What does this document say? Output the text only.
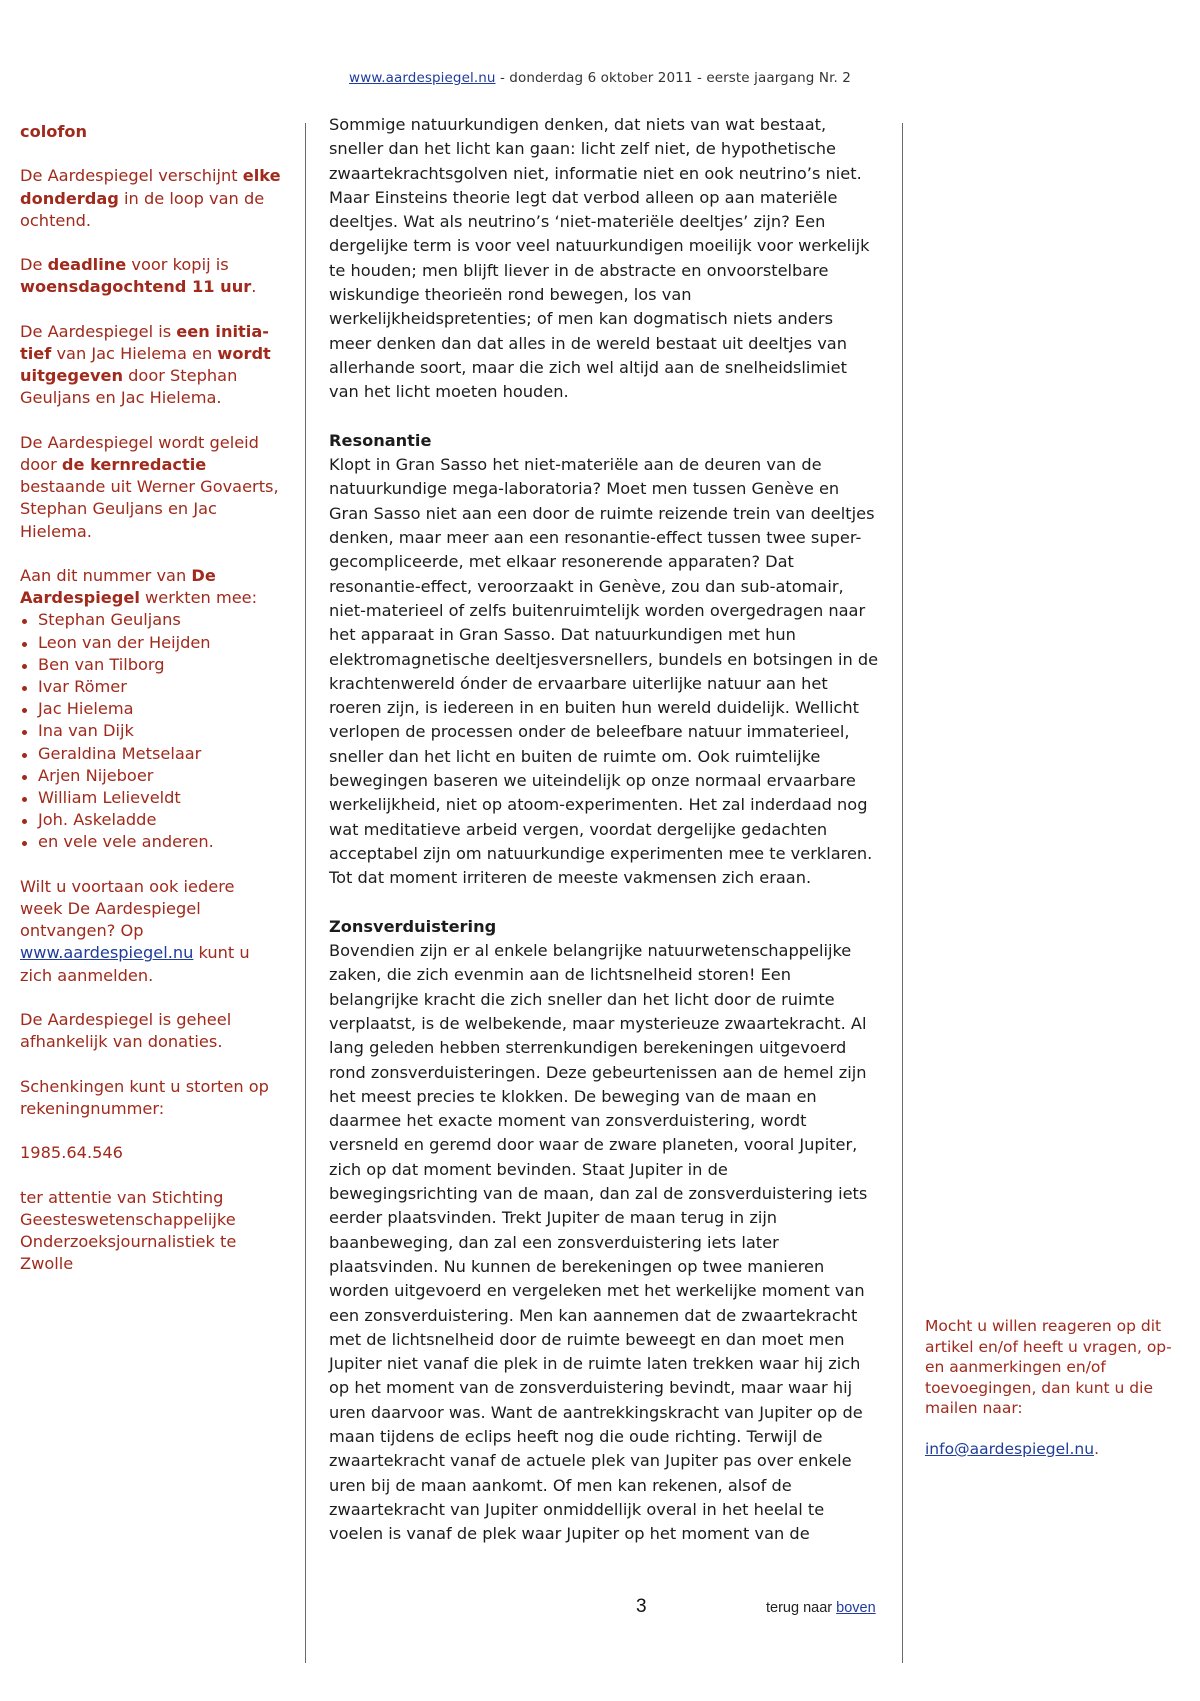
www.aardespiegel.nu - donderdag 6 oktober 2011 - eerste jaargang Nr. 2

colofon

De Aardespiegel verschijnt elke donderdag in de loop van de ochtend.

De deadline voor kopij is woensdagochtend 11 uur.

De Aardespiegel is een initia-tief van Jac Hielema en wordt uitgegeven door Stephan Geuljans en Jac Hielema.

De Aardespiegel wordt geleid door de kernredactie bestaande uit Werner Govaerts, Stephan Geuljans en Jac Hielema.

Aan dit nummer van De Aardespiegel werkten mee:

Stephan Geuljans
Leon van der Heijden
Ben van Tilborg
Ivar Römer
Jac Hielema
Ina van Dijk
Geraldina Metselaar
Arjen Nijeboer
William Lelieveldt
Joh. Askeladde
en vele vele anderen.

Wilt u voortaan ook iedere week De Aardespiegel ontvangen? Op www.aardespiegel.nu kunt u zich aanmelden.

De Aardespiegel is geheel afhankelijk van donaties.

Schenkingen kunt u storten op rekeningnummer:

1985.64.546

ter attentie van Stichting Geesteswetenschappelijke Onderzoeksjournalistiek te Zwolle

Sommige natuurkundigen denken, dat niets van wat bestaat, sneller dan het licht kan gaan: licht zelf niet, de hypothetische zwaartekrachtsgolven niet, informatie niet en ook neutrino’s niet. Maar Einsteins theorie legt dat verbod alleen op aan materiële deeltjes. Wat als neutrino’s ‘niet-materiële deeltjes’ zijn? Een dergelijke term is voor veel natuurkundigen moeilijk voor werkelijk te houden; men blijft liever in de abstracte en onvoorstelbare wiskundige theorieën rond bewegen, los van werkelijkheidspretenties; of men kan dogmatisch niets anders meer denken dan dat alles in de wereld bestaat uit deeltjes van allerhande soort, maar die zich wel altijd aan de snelheidslimiet van het licht moeten houden.

Resonantie

Klopt in Gran Sasso het niet-materiële aan de deuren van de natuurkundige mega-laboratoria? Moet men tussen Genève en Gran Sasso niet aan een door de ruimte reizende trein van deeltjes denken, maar meer aan een resonantie-effect tussen twee super-gecompliceerde, met elkaar resonerende apparaten? Dat resonantie-effect, veroorzaakt in Genève, zou dan sub-atomair, niet-materieel of zelfs buitenruimtelijk worden overgedragen naar het apparaat in Gran Sasso. Dat natuurkundigen met hun elektromagnetische deeltjesversnellers, bundels en botsingen in de krachtenwereld ónder de ervaarbare uiterlijke natuur aan het roeren zijn, is iedereen in en buiten hun wereld duidelijk. Wellicht verlopen de processen onder de beleefbare natuur immaterieel, sneller dan het licht en buiten de ruimte om. Ook ruimtelijke bewegingen baseren we uiteindelijk op onze normaal ervaarbare werkelijkheid, niet op atoom-experimenten. Het zal inderdaad nog wat meditatieve arbeid vergen, voordat dergelijke gedachten acceptabel zijn om natuurkundige experimenten mee te verklaren. Tot dat moment irriteren de meeste vakmensen zich eraan.

Zonsverduistering

Bovendien zijn er al enkele belangrijke natuurwetenschappelijke zaken, die zich evenmin aan de lichtsnelheid storen! Een belangrijke kracht die zich sneller dan het licht door de ruimte verplaatst, is de welbekende, maar mysterieuze zwaartekracht. Al lang geleden hebben sterrenkundigen berekeningen uitgevoerd rond zonsverduisteringen. Deze gebeurtenissen aan de hemel zijn het meest precies te klokken. De beweging van de maan en daarmee het exacte moment van zonsverduistering, wordt versneld en geremd door waar de zware planeten, vooral Jupiter, zich op dat moment bevinden. Staat Jupiter in de bewegingsrichting van de maan, dan zal de zonsverduistering iets eerder plaatsvinden. Trekt Jupiter de maan terug in zijn baanbeweging, dan zal een zonsverduistering iets later plaatsvinden. Nu kunnen de berekeningen op twee manieren worden uitgevoerd en vergeleken met het werkelijke moment van een zonsverduistering. Men kan aannemen dat de zwaartekracht met de lichtsnelheid door de ruimte beweegt en dan moet men Jupiter niet vanaf die plek in de ruimte laten trekken waar hij zich op het moment van de zonsverduistering bevindt, maar waar hij uren daarvoor was. Want de aantrekkingskracht van Jupiter op de maan tijdens de eclips heeft nog die oude richting. Terwijl de zwaartekracht vanaf de actuele plek van Jupiter pas over enkele uren bij de maan aankomt. Of men kan rekenen, alsof de zwaartekracht van Jupiter onmiddellijk overal in het heelal te voelen is vanaf de plek waar Jupiter op het moment van de

Mocht u willen reageren op dit artikel en/of heeft u vragen, op- en aanmerkingen en/of toevoegingen, dan kunt u die mailen naar:

info@aardespiegel.nu.

3	terug naar boven
